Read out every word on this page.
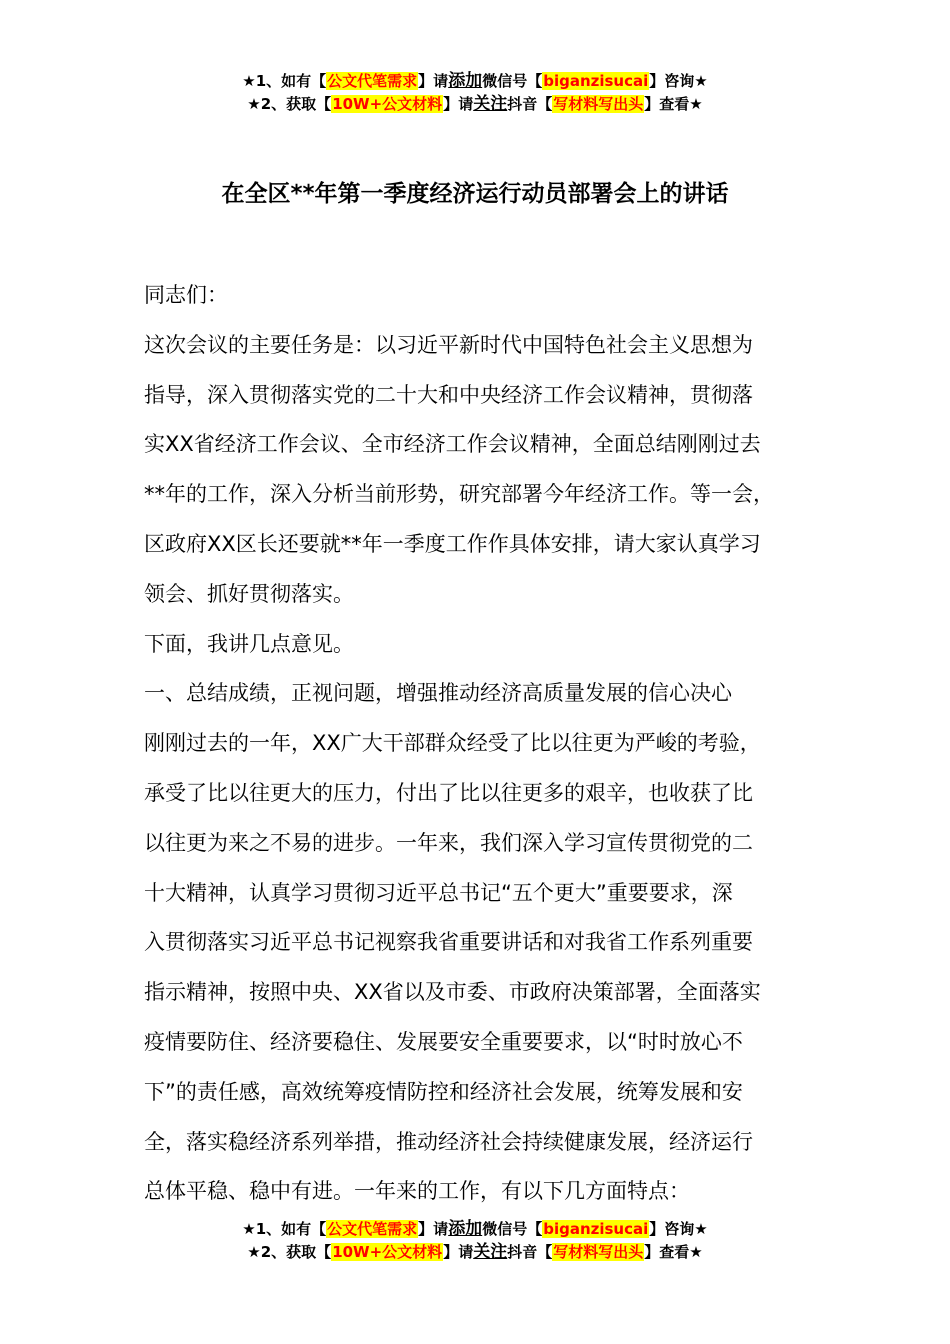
★1、如有【公文代笔需求】请添加微信号【biganzisucai】咨询★
★2、获取【10W+公文材料】请关注抖音【写材料写出头】查看★
在全区**年第一季度经济运行动员部署会上的讲话

同志们：

这次会议的主要任务是：以习近平新时代中国特色社会主义思想为
指导，深入贯彻落实党的二十大和中央经济工作会议精神，贯彻落
实XX省经济工作会议、全市经济工作会议精神，全面总结刚刚过去
**年的工作，深入分析当前形势，研究部署今年经济工作。等一会，
区政府XX区长还要就**年一季度工作作具体安排，请大家认真学习
领会、抓好贯彻落实。

下面，我讲几点意见。

一、总结成绩，正视问题，增强推动经济高质量发展的信心决心

刚刚过去的一年，XX广大干部群众经受了比以往更为严峻的考验，
承受了比以往更大的压力，付出了比以往更多的艰辛，也收获了比
以往更为来之不易的进步。一年来，我们深入学习宣传贯彻党的二
十大精神，认真学习贯彻习近平总书记“五个更大”重要要求，深
入贯彻落实习近平总书记视察我省重要讲话和对我省工作系列重要
指示精神，按照中央、XX省以及市委、市政府决策部署，全面落实
疫情要防住、经济要稳住、发展要安全重要要求，以“时时放心不
下”的责任感，高效统筹疫情防控和经济社会发展，统筹发展和安
全，落实稳经济系列举措，推动经济社会持续健康发展，经济运行
总体平稳、稳中有进。一年来的工作，有以下几方面特点：

★1、如有【公文代笔需求】请添加微信号【biganzisucai】咨询★
★2、获取【10W+公文材料】请关注抖音【写材料写出头】查看★
